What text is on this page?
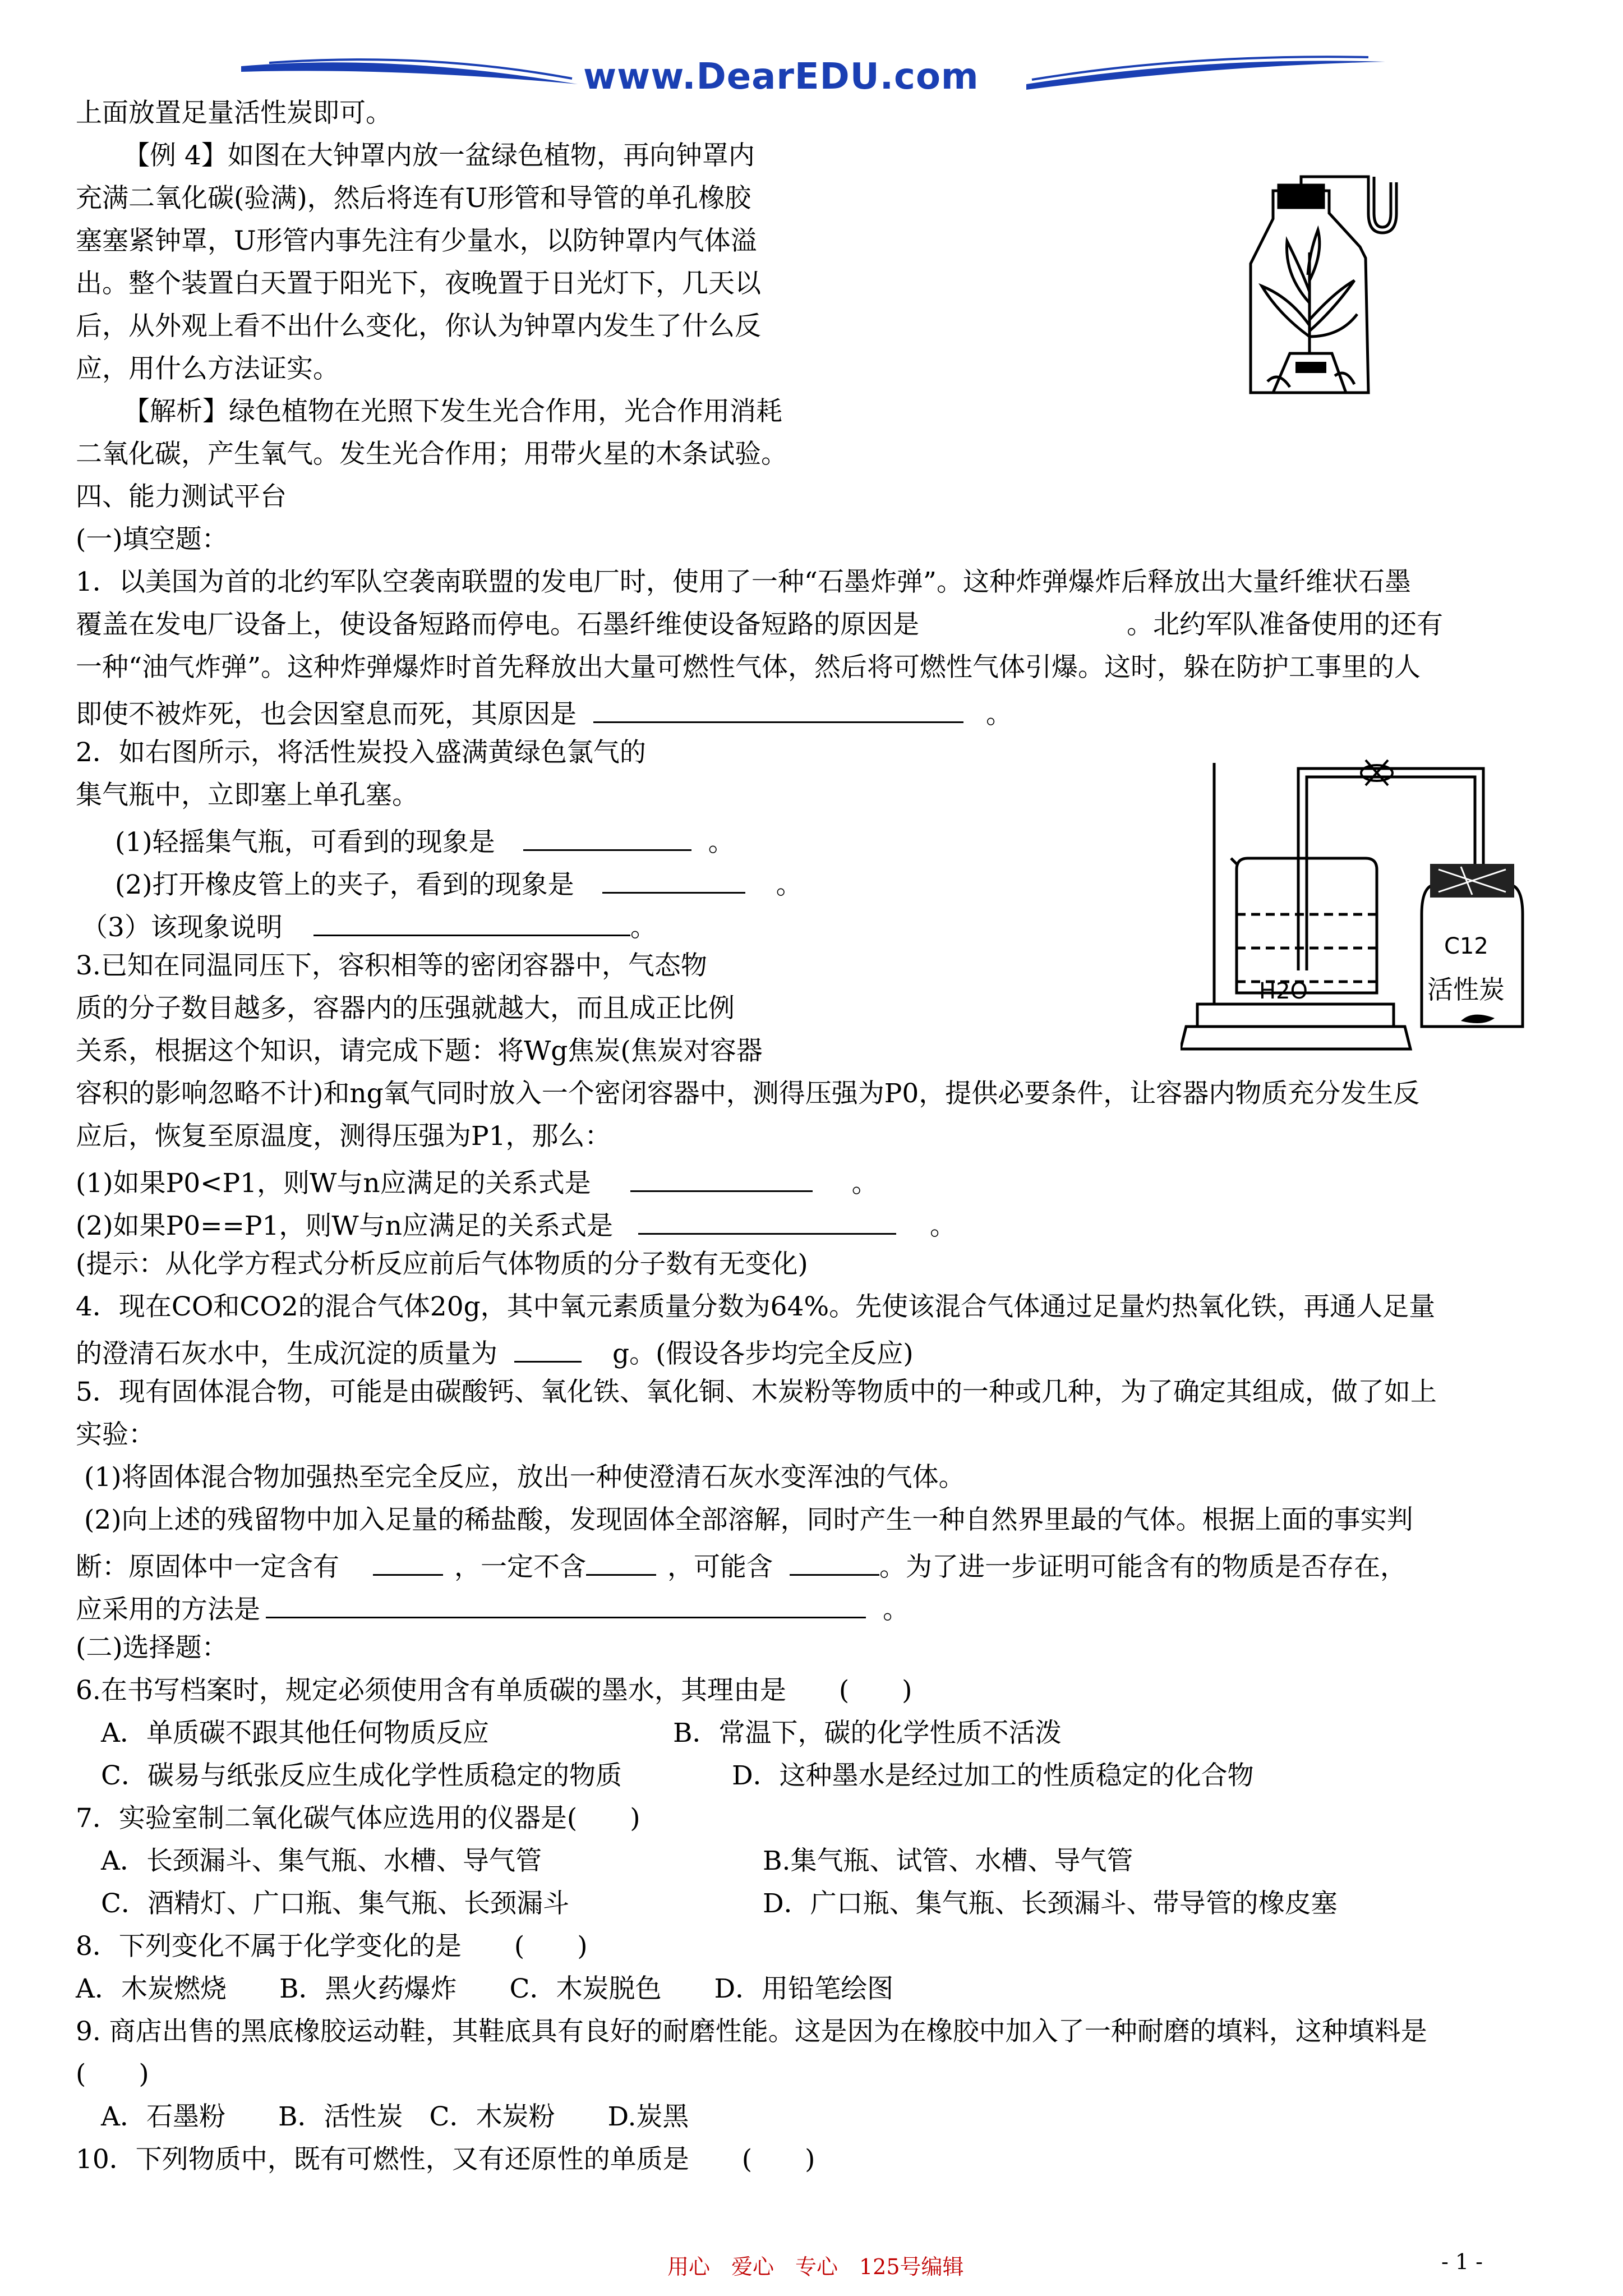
www.DearEDU.com
上面放置足量活性炭即可。
【例 4】如图在大钟罩内放一盆绿色植物，再向钟罩内
充满二氧化碳(验满)，然后将连有U形管和导管的单孔橡胶
塞塞紧钟罩，U形管内事先注有少量水，以防钟罩内气体溢
出。整个装置白天置于阳光下，夜晚置于日光灯下，几天以
后，从外观上看不出什么变化，你认为钟罩内发生了什么反
应，用什么方法证实。
【解析】绿色植物在光照下发生光合作用，光合作用消耗
二氧化碳，产生氧气。发生光合作用；用带火星的木条试验。
四、能力测试平台
(一)填空题：
1．以美国为首的北约军队空袭南联盟的发电厂时，使用了一种“石墨炸弹”。这种炸弹爆炸后释放出大量纤维状石墨
覆盖在发电厂设备上，使设备短路而停电。石墨纤维使设备短路的原因是	。北约军队准备使用的还有
一种“油气炸弹”。这种炸弹爆炸时首先释放出大量可燃性气体，然后将可燃性气体引爆。这时，躲在防护工事里的人
即使不被炸死，也会因窒息而死，其原因是	。
2．如右图所示，将活性炭投入盛满黄绿色氯气的
集气瓶中，立即塞上单孔塞。
(1)轻摇集气瓶，可看到的现象是	。
(2)打开橡皮管上的夹子，看到的现象是	。
（3）该现象说明	。
3.已知在同温同压下，容积相等的密闭容器中，气态物
质的分子数目越多，容器内的压强就越大，而且成正比例
关系，根据这个知识，请完成下题：将Wg焦炭(焦炭对容器
容积的影响忽略不计)和ng氧气同时放入一个密闭容器中，测得压强为P0，提供必要条件，让容器内物质充分发生反
应后，恢复至原温度，测得压强为P1，那么：
(1)如果P0<P1，则W与n应满足的关系式是	。
(2)如果P0==P1，则W与n应满足的关系式是	。
(提示：从化学方程式分析反应前后气体物质的分子数有无变化)
4．现在CO和CO2的混合气体20g，其中氧元素质量分数为64%。先使该混合气体通过足量灼热氧化铁，再通人足量
的澄清石灰水中，生成沉淀的质量为	g。(假设各步均完全反应)
5．现有固体混合物，可能是由碳酸钙、氧化铁、氧化铜、木炭粉等物质中的一种或几种，为了确定其组成，做了如上
实验：
(1)将固体混合物加强热至完全反应，放出一种使澄清石灰水变浑浊的气体。
(2)向上述的残留物中加入足量的稀盐酸，发现固体全部溶解，同时产生一种自然界里最的气体。根据上面的事实判
断：原固体中一定含有	，一定不含	，可能含	。为了进一步证明可能含有的物质是否存在，
应采用的方法是	。
(二)选择题：
6.在书写档案时，规定必须使用含有单质碳的墨水，其理由是　　(　　)
A．单质碳不跟其他任何物质反应	B．常温下，碳的化学性质不活泼
C．碳易与纸张反应生成化学性质稳定的物质	D．这种墨水是经过加工的性质稳定的化合物
7．实验室制二氧化碳气体应选用的仪器是(　　)
A．长颈漏斗、集气瓶、水槽、导气管	B.集气瓶、试管、水槽、导气管
C．酒精灯、广口瓶、集气瓶、长颈漏斗	D．广口瓶、集气瓶、长颈漏斗、带导管的橡皮塞
8．下列变化不属于化学变化的是　　(　　)
A．木炭燃烧　　B．黑火药爆炸　　C．木炭脱色　　D．用铅笔绘图
9. 商店出售的黑底橡胶运动鞋，其鞋底具有良好的耐磨性能。这是因为在橡胶中加入了一种耐磨的填料，这种填料是
(　　)
A．石墨粉　　B．活性炭　C．木炭粉　　D.炭黑
10．下列物质中，既有可燃性，又有还原性的单质是　　(　　)
H2O
C12
活性炭
用心　爱心　专心　125号编辑	- 1 -
